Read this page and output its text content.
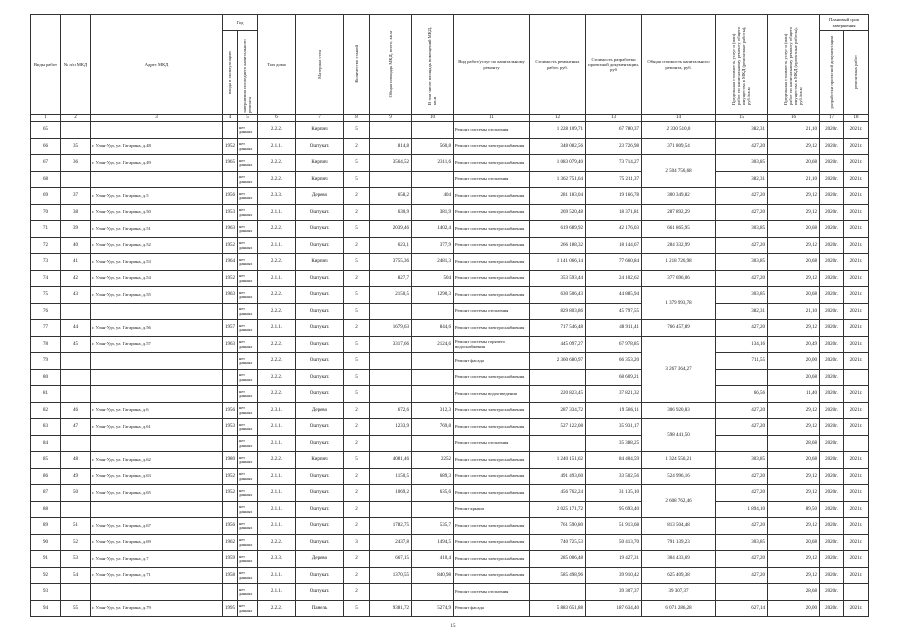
Виды работ	№ п/п МКД	Адрес МКД	Год		Тип дома	Материал стен	Количество этажей	Общая площадь МКД, всего, кв.м	В том числе площадь помещений МКД, кв.м	Вид работ/услуг по капитальному ремонту	Стоимость ремонтных работ, руб.	Стоимость разработки проектной документации, руб	Общая стоимость капитального ремонта, руб.	Предельная стоимость услуг и (или) работ по капитальному ремонту общего имущества в МКД (ремонтные работы), руб./кв.м	Предельная стоимость услуг и (или) работ по капитальному ремонту общего имущества в МКД (проектные работы), руб./кв.м	Плановый срок завершения	
			ввода в эксплуатацию	завершения последнего капитального ремонта												разработки проектной документации	ремонтных работ
1	2	3	4	5	6	7	8	9	10	11	12	13	14	15	16	17	18
65				нет данных	2.2.2.	Кирпич	5			Ремонт системы отопления	1 228 109,71	67 780,37	2 330 510,0	382,31	21,10	2020г.	2021г.
66	35	г. Улан-Удэ, ул. Гагарина, д.48	1952	нет данных	2.1.1.	Оштукат.	2	814,8	560,8	Ремонт системы электроснабжения	348 082,56	23 726,98	371 809,54	427,20	29,12	2020г.	2021г.
67	36	г. Улан-Удэ, ул. Гагарина, д.49	1965	нет данных	2.2.2.	Кирпич	5	3564,52	2311,6	Ремонт системы электроснабжения	1 083 079,40	73 714,27	2 504 756,68	303,85	20,68	2020г.	2021г.
68				нет данных	2.2.2.	Кирпич	5			Ремонт системы отопления	1 362 751,64	75 211,37		382,31	21,10	2020г.	2021г.
69	37	г. Улан-Удэ, ул. Гагарина, д.5	1956	нет данных	2.3.3.	Дерево	2	658,2	404	Ремонт системы электроснабжения	281 183,04	19 166,78	300 349,82	427,20	29,12	2020г.	2021г.
70	38	г. Улан-Удэ, ул. Гагарина, д.50	1953	нет данных	2.1.1.	Оштукат.	2	630,9	381,9	Ремонт системы электроснабжения	269 520,48	18 371,81	287 892,29	427,20	29,12	2020г.	2021г.
71	39	г. Улан-Удэ, ул. Гагарина, д.51	1963	нет данных	2.2.2.	Оштукат.	5	2039,46	1402,4	Ремонт системы электроснабжения	619 689,92	42 176,03	661 865,95	303,85	20,68	2020г.	2021г.
72	40	г. Улан-Удэ, ул. Гагарина, д.52	1952	нет данных	2.1.1.	Оштукат.	2	623,1	377,9	Ремонт системы электроснабжения	266 188,32	18 144,67	284 332,99	427,20	29,12	2020г.	2021г.
73	41	г. Улан-Удэ, ул. Гагарина, д.53	1964	нет данных	2.2.2.	Кирпич	5	3755,36	2481,3	Ремонт системы электроснабжения	1 141 066,14	77 660,84	1 218 726,98	303,85	20,68	2020г.	2021г.
74	42	г. Улан-Удэ, ул. Гагарина, д.54	1952	нет данных	2.1.1.	Оштукат.	2	827,7	504	Ремонт системы электроснабжения	353 593,44	24 102,62	377 696,06	427,20	29,12	2020г.	2021г.
75	43	г. Улан-Удэ, ул. Гагарина, д.55	1963	нет данных	2.2.2.	Оштукат.	5	2150,5	1290,3	Ремонт системы электроснабжения	630 506,43	44 885,94	1 379 993,78	303,85	20,68	2020г.	2021г.
76				нет данных	2.2.2.	Оштукат.	5			Ремонт системы отопления	829 803,86	45 797,55		382,31	21,10	2020г.	2021г.
77	44	г. Улан-Удэ, ул. Гагарина, д.56	1957	нет данных	2.1.1.	Оштукат.	2	1679,63	844,6	Ремонт системы электроснабжения	717 546,48	48 911,41	766 457,89	427,20	29,12	2020г.	2021г.
78	45	г. Улан-Удэ, ул. Гагарина, д.57	1963	нет данных	2.2.2.	Оштукат.	5	3317,66	2124,6	Ремонт системы горячего водоснабжения	445 097,27	67 978,85	3 267 364,27	134,16	20,49	2020г.	2021г.
79				нет данных	2.2.2.	Оштукат.	5			Ремонт фасада	2 360 680,97	66 353,20		711,55	20,00	2020г.	2021г.
80				нет данных	2.2.2.	Оштукат.	5			Ремонт системы электроснабжения		68 609,21			20,68	2020г.	
81				нет данных	2.2.2.	Оштукат.	5			Ремонт системы водоотведения	220 823,45	37 821,32		66,56	11,40	2020г.	2021г.
82	46	г. Улан-Удэ, ул. Гагарина, д.6	1956	нет данных	2.3.1.	Дерево	2	672,6	312,3	Ремонт системы электроснабжения	287 334,72	19 586,11	306 920,83	427,20	29,12	2020г.	2021г.
83	47	г. Улан-Удэ, ул. Гагарина, д.61	1953	нет данных	2.1.1.	Оштукат.	2	1233,9	769,8	Ремонт системы электроснабжения	527 122,08	35 931,17	598 441,50	427,20	29,12	2020г.	2021г.
84				нет данных	2.1.1.	Оштукат.	2			Ремонт системы отопления		35 388,25			28,68	2020г.	
85	48	г. Улан-Удэ, ул. Гагарина, д.62	1980	нет данных	2.2.2.	Кирпич	5	4081,46	2252	Ремонт системы электроснабжения	1 240 151,62	84 404,59	1 324 556,21	303,85	20,68	2020г.	2021г.
86	49	г. Улан-Удэ, ул. Гагарина, д.63	1952	нет данных	2.1.1.	Оштукат.	2	1150,5	689,3	Ремонт системы электроснабжения	491 493,60	33 502,56	524 996,16	427,20	29,12	2020г.	2021г.
87	50	г. Улан-Удэ, ул. Гагарина, д.65	1952	нет данных	2.1.1.	Оштукат.	2	1069,2	635,6	Ремонт системы электроснабжения	456 762,24	31 135,10	2 608 762,46	427,20	29,12	2020г.	2021г.
88				нет данных	2.1.1.	Оштукат.	2			Ремонт крыши	2 025 171,72	95 693,40		1 894,10	89,50	2020г.	2021г.
89	51	г. Улан-Удэ, ул. Гагарина, д.67	1956	нет данных	2.1.1.	Оштукат.	2	1782,75	535,7	Ремонт системы электроснабжения	761 590,80	51 913,68	813 504,48	427,20	29,12	2020г.	2021г.
90	52	г. Улан-Удэ, ул. Гагарина, д.69	1962	нет данных	2.2.2.	Оштукат.	3	2437,8	1494,5	Ремонт системы электроснабжения	740 725,53	50 413,70	791 139,23	303,85	20,68	2020г.	2021г.
91	53	г. Улан-Удэ, ул. Гагарина, д.7	1959	нет данных	2.3.3.	Дерево	2	667,15	410,4	Ремонт системы электроснабжения	285 006,48	19 427,31	304 433,69	427,20	29,12	2020г.	2021г.
92	54	г. Улан-Удэ, ул. Гагарина, д.71	1958	нет данных	2.1.1.	Оштукат.	2	1370,55	840,98	Ремонт системы электроснабжения	585 498,96	39 910,42	625 409,38	427,20	29,12	2020г.	2021г.
93				нет данных	2.1.1.	Оштукат.	2			Ремонт системы отопления		39 307,37	39 307,37		28,68	2020г.	
94	55	г. Улан-Удэ, ул. Гагарина, д.79	1995	нет данных	2.2.2.	Панель	5	9381,72	5274,9	Ремонт фасада	5 883 651,88	187 634,40	6 071 286,28	627,14	20,00	2020г.	2021г.
15
